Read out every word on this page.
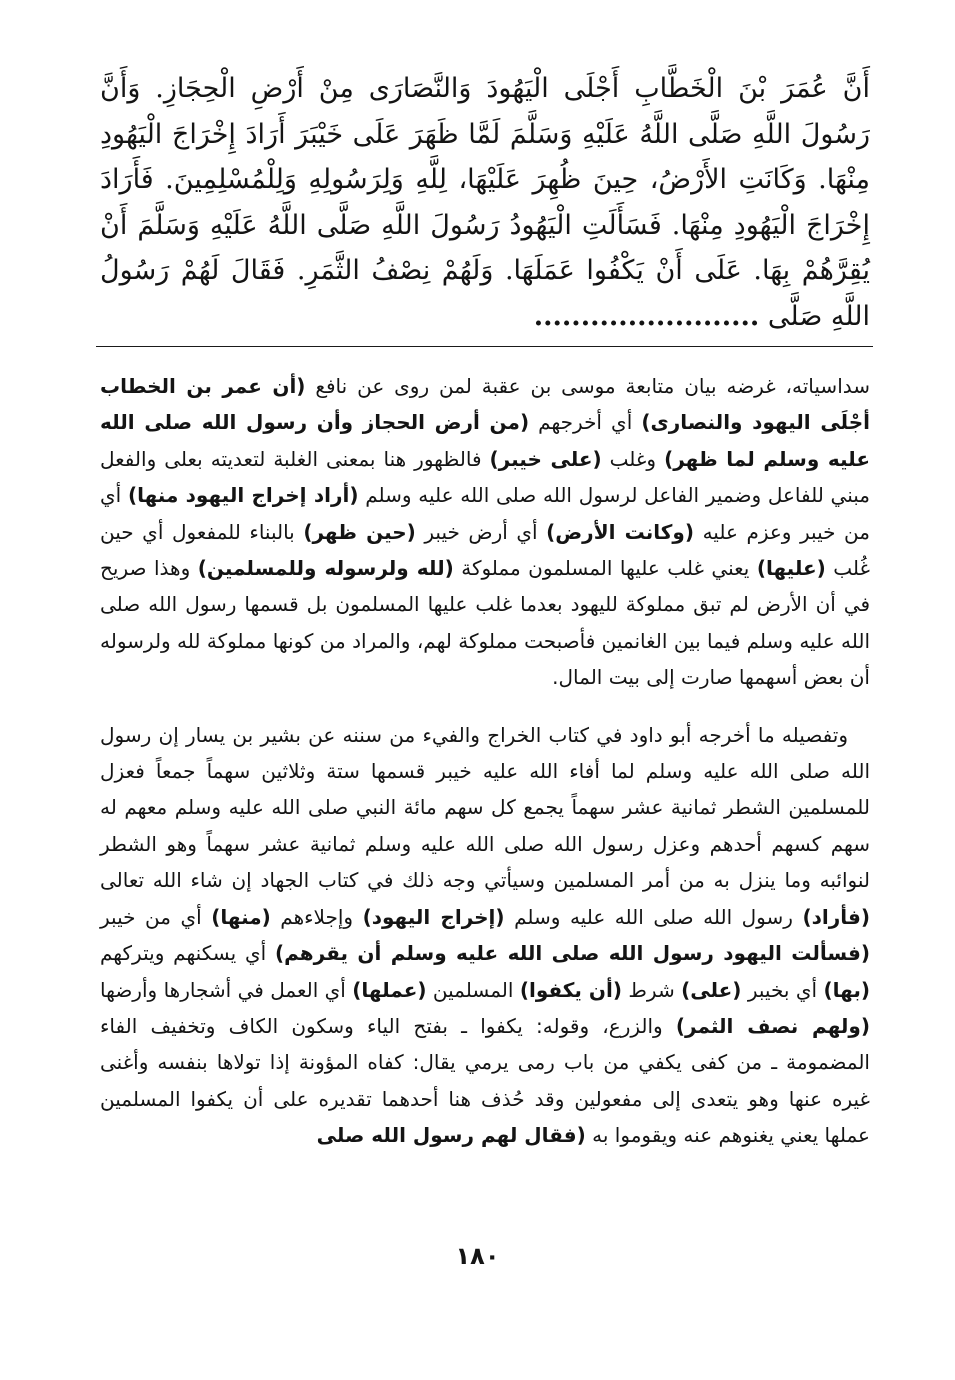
أَنَّ عُمَرَ بْنَ الْخَطَّابِ أَجْلَى الْيَهُودَ وَالنَّصَارَى مِنْ أَرْضِ الْحِجَازِ. وَأَنَّ رَسُولَ اللَّهِ صَلَّى اللَّهُ عَلَيْهِ وَسَلَّمَ لَمَّا ظَهَرَ عَلَى خَيْبَرَ أَرَادَ إِخْرَاجَ الْيَهُودِ مِنْهَا. وَكَانَتِ الأَرْضُ، حِينَ ظُهِرَ عَلَيْهَا، لِلَّهِ وَلِرَسُولِهِ وَلِلْمُسْلِمِينَ. فَأَرَادَ إِخْرَاجَ الْيَهُودِ مِنْهَا. فَسَأَلَتِ الْيَهُودُ رَسُولَ اللَّهِ صَلَّى اللَّهُ عَلَيْهِ وَسَلَّمَ أَنْ يُقِرَّهُمْ بِهَا. عَلَى أَنْ يَكْفُوا عَمَلَهَا. وَلَهُمْ نِصْفُ الثَّمَرِ. فَقَالَ لَهُمْ رَسُولُ اللَّهِ صَلَّى ........................

سداسياته، غرضه بيان متابعة موسى بن عقبة لمن روى عن نافع (أن عمر بن الخطاب أجْلَى اليهود والنصارى) أي أخرجهم (من أرض الحجاز وأن رسول الله صلى الله عليه وسلم لما ظهر) وغلب (على خيبر) فالظهور هنا بمعنى الغلبة لتعديته بعلى والفعل مبني للفاعل وضمير الفاعل لرسول الله صلى الله عليه وسلم (أراد إخراج اليهود منها) أي من خيبر وعزم عليه (وكانت الأرض) أي أرض خيبر (حين ظهر) بالبناء للمفعول أي حين غُلب (عليها) يعني غلب عليها المسلمون مملوكة (لله ولرسوله وللمسلمين) وهذا صريح في أن الأرض لم تبق مملوكة لليهود بعدما غلب عليها المسلمون بل قسمها رسول الله صلى الله عليه وسلم فيما بين الغانمين فأصبحت مملوكة لهم، والمراد من كونها مملوكة لله ولرسوله أن بعض أسهمها صارت إلى بيت المال.

وتفصيله ما أخرجه أبو داود في كتاب الخراج والفيء من سننه عن بشير بن يسار إن رسول الله صلى الله عليه وسلم لما أفاء الله عليه خيبر قسمها ستة وثلاثين سهماً جمعاً فعزل للمسلمين الشطر ثمانية عشر سهماً يجمع كل سهم مائة النبي صلى الله عليه وسلم معهم له سهم كسهم أحدهم وعزل رسول الله صلى الله عليه وسلم ثمانية عشر سهماً وهو الشطر لنوائبه وما ينزل به من أمر المسلمين وسيأتي وجه ذلك في كتاب الجهاد إن شاء الله تعالى (فأراد) رسول الله صلى الله عليه وسلم (إخراج اليهود) وإجلاءهم (منها) أي من خيبر (فسألت اليهود رسول الله صلى الله عليه وسلم أن يقرهم) أي يسكنهم ويتركهم (بها) أي بخيبر (على) شرط (أن يكفوا) المسلمين (عملها) أي العمل في أشجارها وأرضها (ولهم نصف الثمر) والزرع، وقوله: يكفوا ـ بفتح الياء وسكون الكاف وتخفيف الفاء المضمومة ـ من كفى يكفي من باب رمى يرمي يقال: كفاه المؤونة إذا تولاها بنفسه وأغنى غيره عنها وهو يتعدى إلى مفعولين وقد حُذف هنا أحدهما تقديره على أن يكفوا المسلمين عملها يعني يغنوهم عنه ويقوموا به (فقال لهم رسول الله صلى

١٨٠
